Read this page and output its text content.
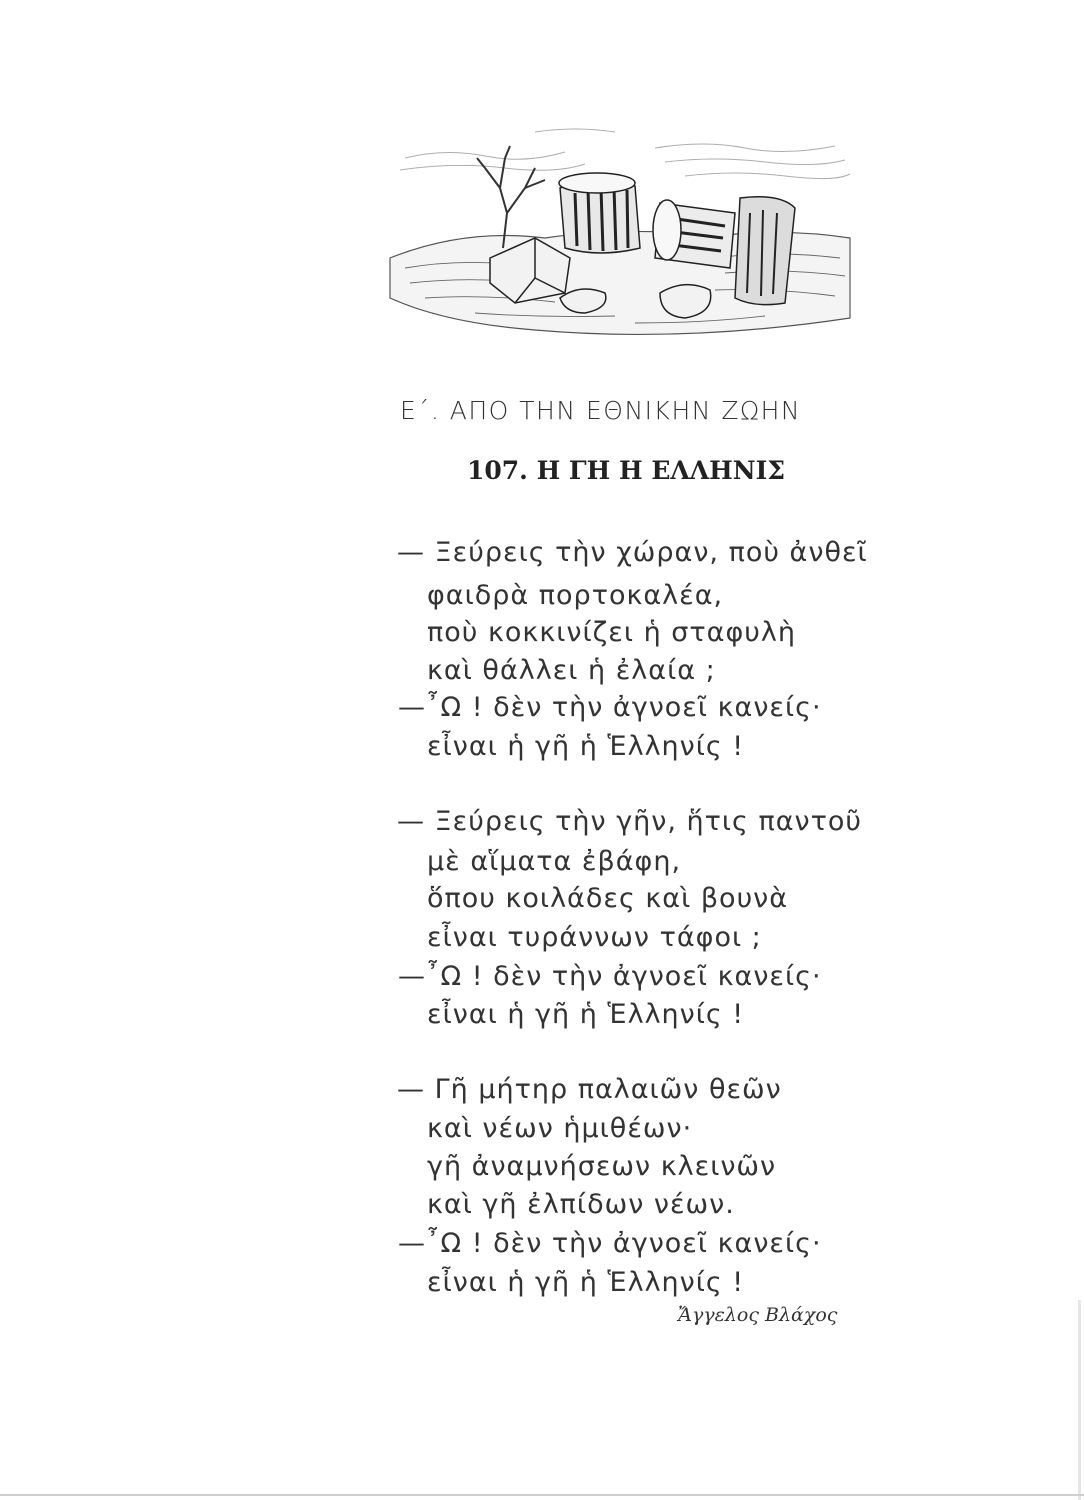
Ε΄. ΑΠΟ ΤΗΝ ΕΘΝΙΚΗΝ ΖΩΗΝ
107. Η ΓΗ Η ΕΛΛΗΝΙΣ
— Ξεύρεις τὴν χώραν, ποὺ ἀνθεῖ
φαιδρὰ πορτοκαλέα,
ποὺ κοκκινίζει ἡ σταφυλὴ
καὶ θάλλει ἡ ἐλαία ;
—῏Ω ! δὲν τὴν ἀγνοεῖ κανείς·
εἶναι ἡ γῆ ἡ Ἑλληνίς !
— Ξεύρεις τὴν γῆν, ἥτις παντοῦ
μὲ αἵματα ἐβάφη,
ὅπου κοιλάδες καὶ βουνὰ
εἶναι τυράννων τάφοι ;
—῏Ω ! δὲν τὴν ἀγνοεῖ κανείς·
εἶναι ἡ γῆ ἡ Ἑλληνίς !
— Γῆ μήτηρ παλαιῶν θεῶν
καὶ νέων ἡμιθέων·
γῆ ἀναμνήσεων κλεινῶν
καὶ γῆ ἐλπίδων νέων.
—῏Ω ! δὲν τὴν ἀγνοεῖ κανείς·
εἶναι ἡ γῆ ἡ Ἑλληνίς !
Ἄγγελος Βλάχος
